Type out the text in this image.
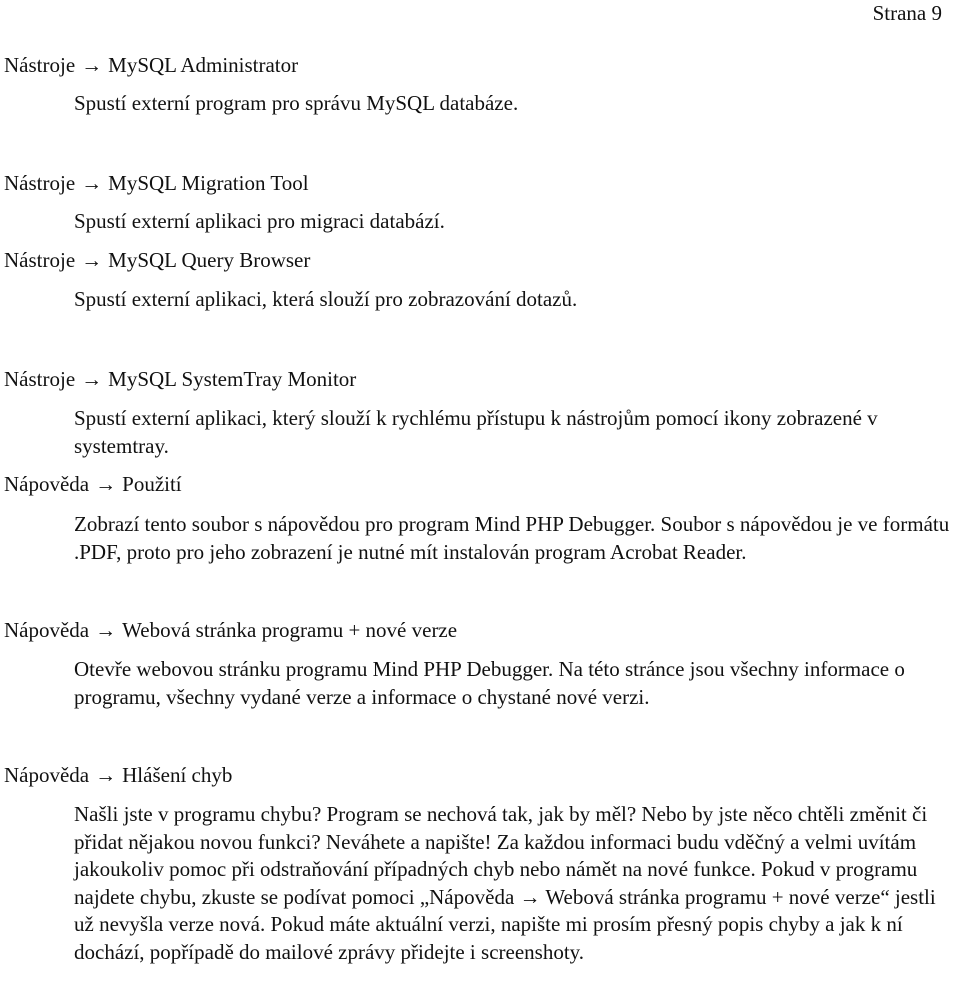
Strana 9
Nástroje → MySQL Administrator
Spustí externí program pro správu MySQL databáze.
Nástroje → MySQL Migration Tool
Spustí externí aplikaci pro migraci databází.
Nástroje → MySQL Query Browser
Spustí externí aplikaci, která slouží pro zobrazování dotazů.
Nástroje → MySQL SystemTray Monitor
Spustí externí aplikaci, který slouží k rychlému přístupu k nástrojům pomocí ikony zobrazené v systemtray.
Nápověda → Použití
Zobrazí tento soubor s nápovědou pro program Mind PHP Debugger. Soubor s nápovědou je ve formátu .PDF, proto pro jeho zobrazení je nutné mít instalován program Acrobat Reader.
Nápověda → Webová stránka programu + nové verze
Otevře webovou stránku programu Mind PHP Debugger. Na této stránce jsou všechny informace o programu, všechny vydané verze a informace o chystané nové verzi.
Nápověda → Hlášení chyb
Našli jste v programu chybu? Program se nechová tak, jak by měl? Nebo by jste něco chtěli změnit či přidat nějakou novou funkci? Neváhete a napište! Za každou informaci budu vděčný a velmi uvítám jakoukoliv pomoc při odstraňování případných chyb nebo námět na nové funkce. Pokud v programu najdete chybu, zkuste se podívat pomoci „Nápověda → Webová stránka programu + nové verze“ jestli už nevyšla verze nová. Pokud máte aktuální verzi, napište mi prosím přesný popis chyby a jak k ní dochází, popřípadě do mailové zprávy přidejte i screenshoty.
